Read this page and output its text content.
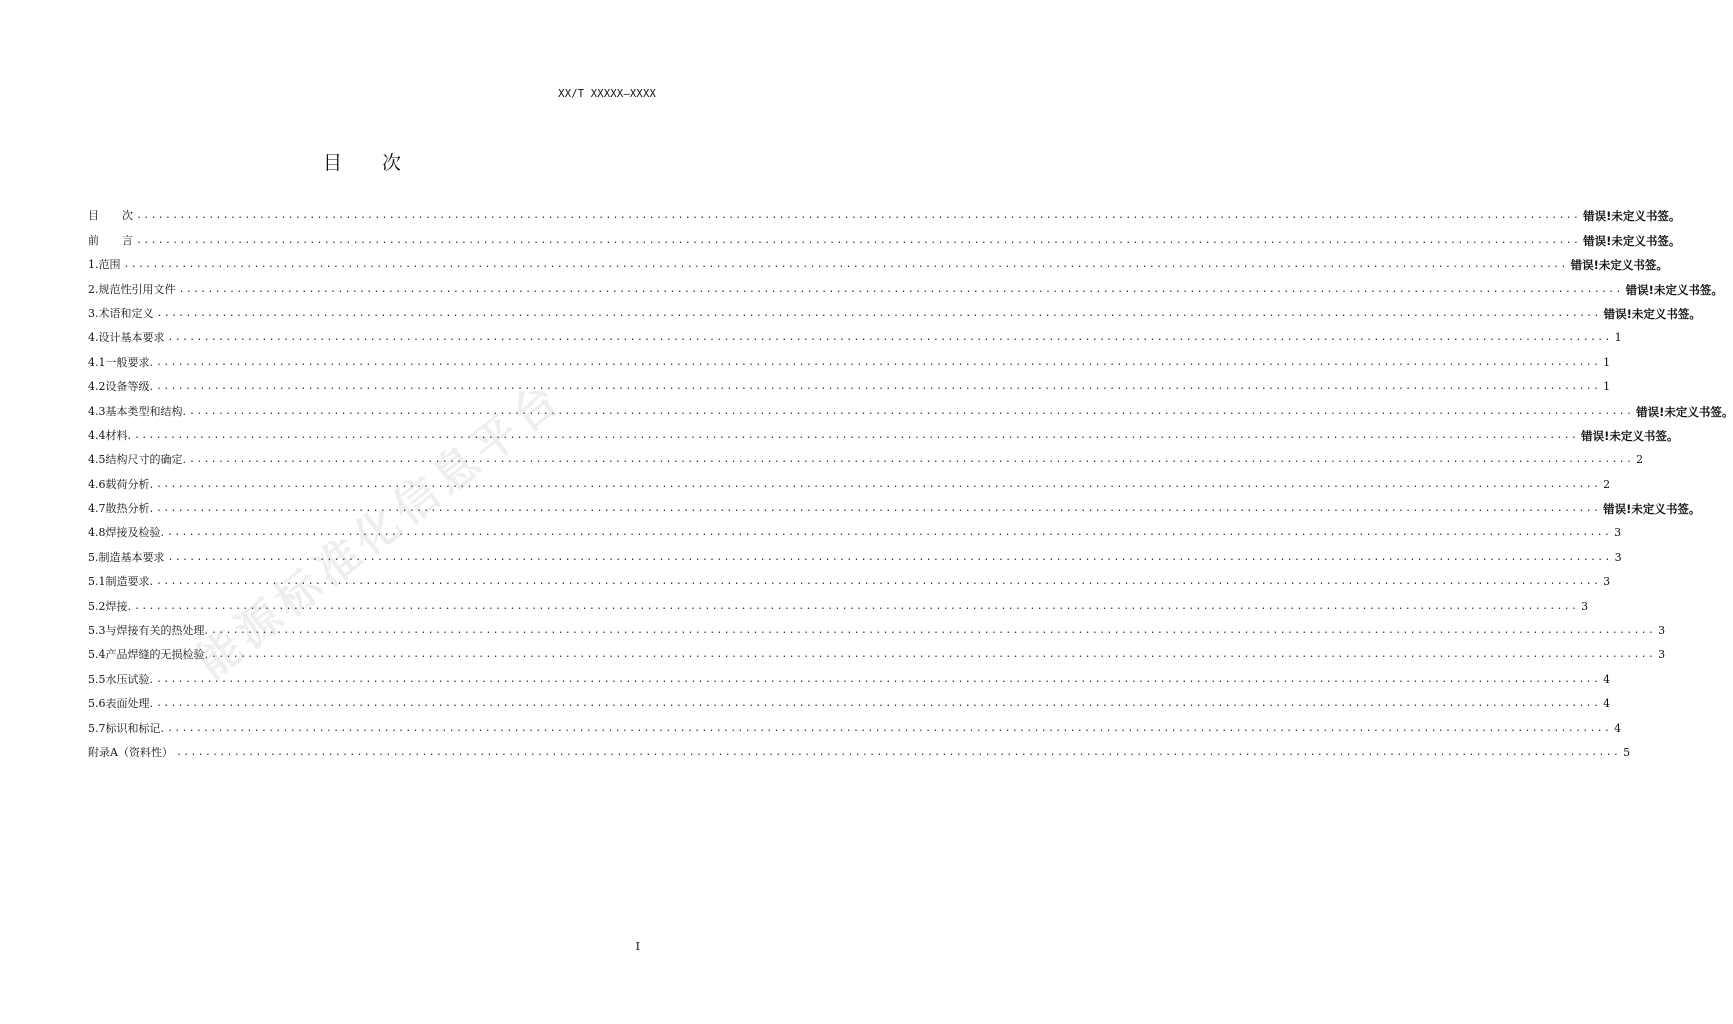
XX/T XXXXX—XXXX
目 次
目 次 ........................................................................................................................................................................................................ 错误!未定义书签。
前 言 ........................................................................................................................................................................................................ 错误!未定义书签。
1.范围 ........................................................................................................................................................................................................ 错误!未定义书签。
2.规范性引用文件 ........................................................................................................................................................................................................ 错误!未定义书签。
3.术语和定义 ........................................................................................................................................................................................................ 错误!未定义书签。
4.设计基本要求 ........................................................................................................................................................................................................ 1
4.1一般要求. ........................................................................................................................................................................................................ 1
4.2设备等级. ........................................................................................................................................................................................................ 1
4.3基本类型和结构. ........................................................................................................................................................................................................ 错误!未定义书签。
4.4材料. ........................................................................................................................................................................................................ 错误!未定义书签。
4.5结构尺寸的确定. ........................................................................................................................................................................................................ 2
4.6载荷分析. ........................................................................................................................................................................................................ 2
4.7散热分析. ........................................................................................................................................................................................................ 错误!未定义书签。
4.8焊接及检验. ........................................................................................................................................................................................................ 3
5.制造基本要求 ........................................................................................................................................................................................................ 3
5.1制造要求. ........................................................................................................................................................................................................ 3
5.2焊接. ........................................................................................................................................................................................................ 3
5.3与焊接有关的热处理. ........................................................................................................................................................................................................ 3
5.4产品焊缝的无损检验. ........................................................................................................................................................................................................ 3
5.5水压试验. ........................................................................................................................................................................................................ 4
5.6表面处理. ........................................................................................................................................................................................................ 4
5.7标识和标记. ........................................................................................................................................................................................................ 4
附录A（资料性） ........................................................................................................................................................................................................ 5
I
能源标准化信息平台
